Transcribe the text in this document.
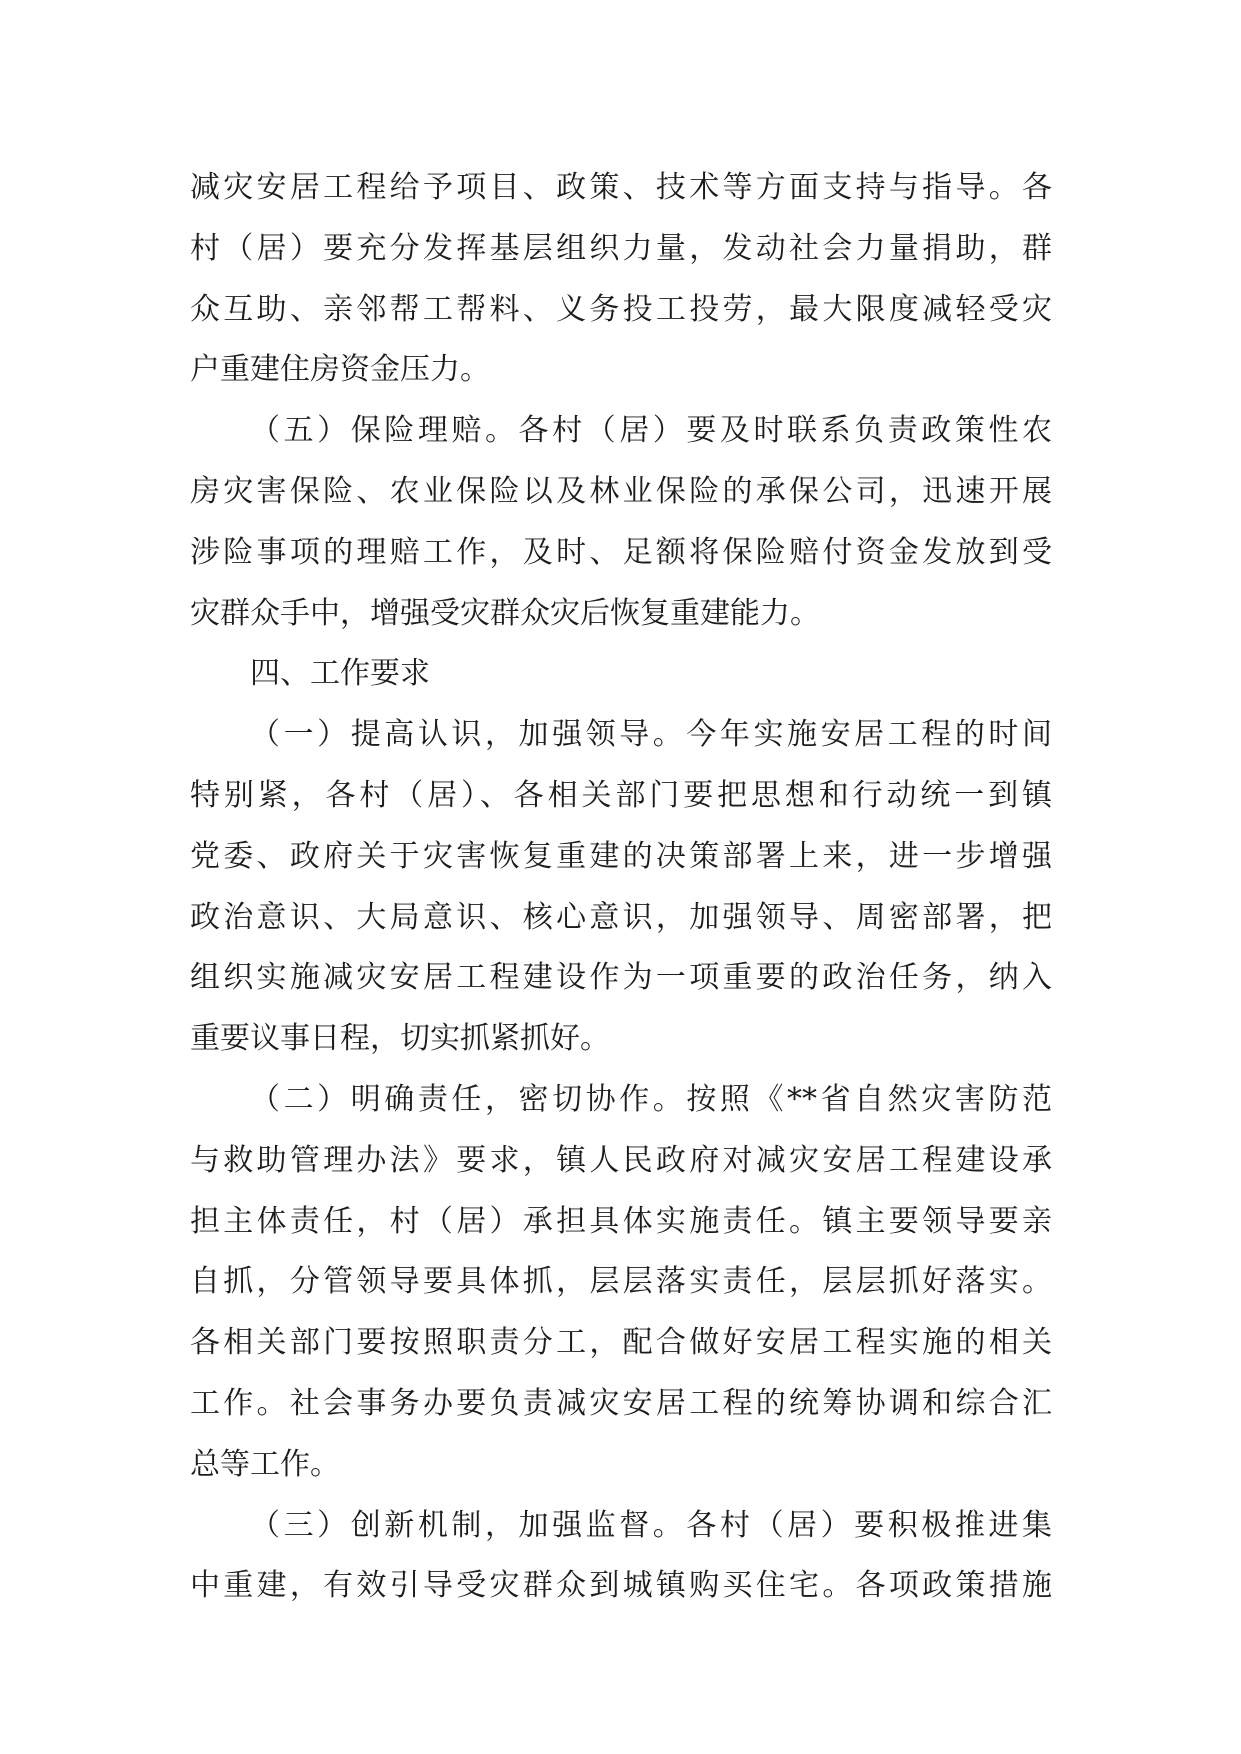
减灾安居工程给予项目、政策、技术等方面支持与指导。各
村（居）要充分发挥基层组织力量，发动社会力量捐助，群
众互助、亲邻帮工帮料、义务投工投劳，最大限度减轻受灾
户重建住房资金压力。
（五）保险理赔。各村（居）要及时联系负责政策性农
房灾害保险、农业保险以及林业保险的承保公司，迅速开展
涉险事项的理赔工作，及时、足额将保险赔付资金发放到受
灾群众手中，增强受灾群众灾后恢复重建能力。
四、工作要求
（一）提高认识，加强领导。今年实施安居工程的时间
特别紧，各村（居）、各相关部门要把思想和行动统一到镇
党委、政府关于灾害恢复重建的决策部署上来，进一步增强
政治意识、大局意识、核心意识，加强领导、周密部署，把
组织实施减灾安居工程建设作为一项重要的政治任务，纳入
重要议事日程，切实抓紧抓好。
（二）明确责任，密切协作。按照《**省自然灾害防范
与救助管理办法》要求，镇人民政府对减灾安居工程建设承
担主体责任，村（居）承担具体实施责任。镇主要领导要亲
自抓，分管领导要具体抓，层层落实责任，层层抓好落实。
各相关部门要按照职责分工，配合做好安居工程实施的相关
工作。社会事务办要负责减灾安居工程的统筹协调和综合汇
总等工作。
（三）创新机制，加强监督。各村（居）要积极推进集
中重建，有效引导受灾群众到城镇购买住宅。各项政策措施
